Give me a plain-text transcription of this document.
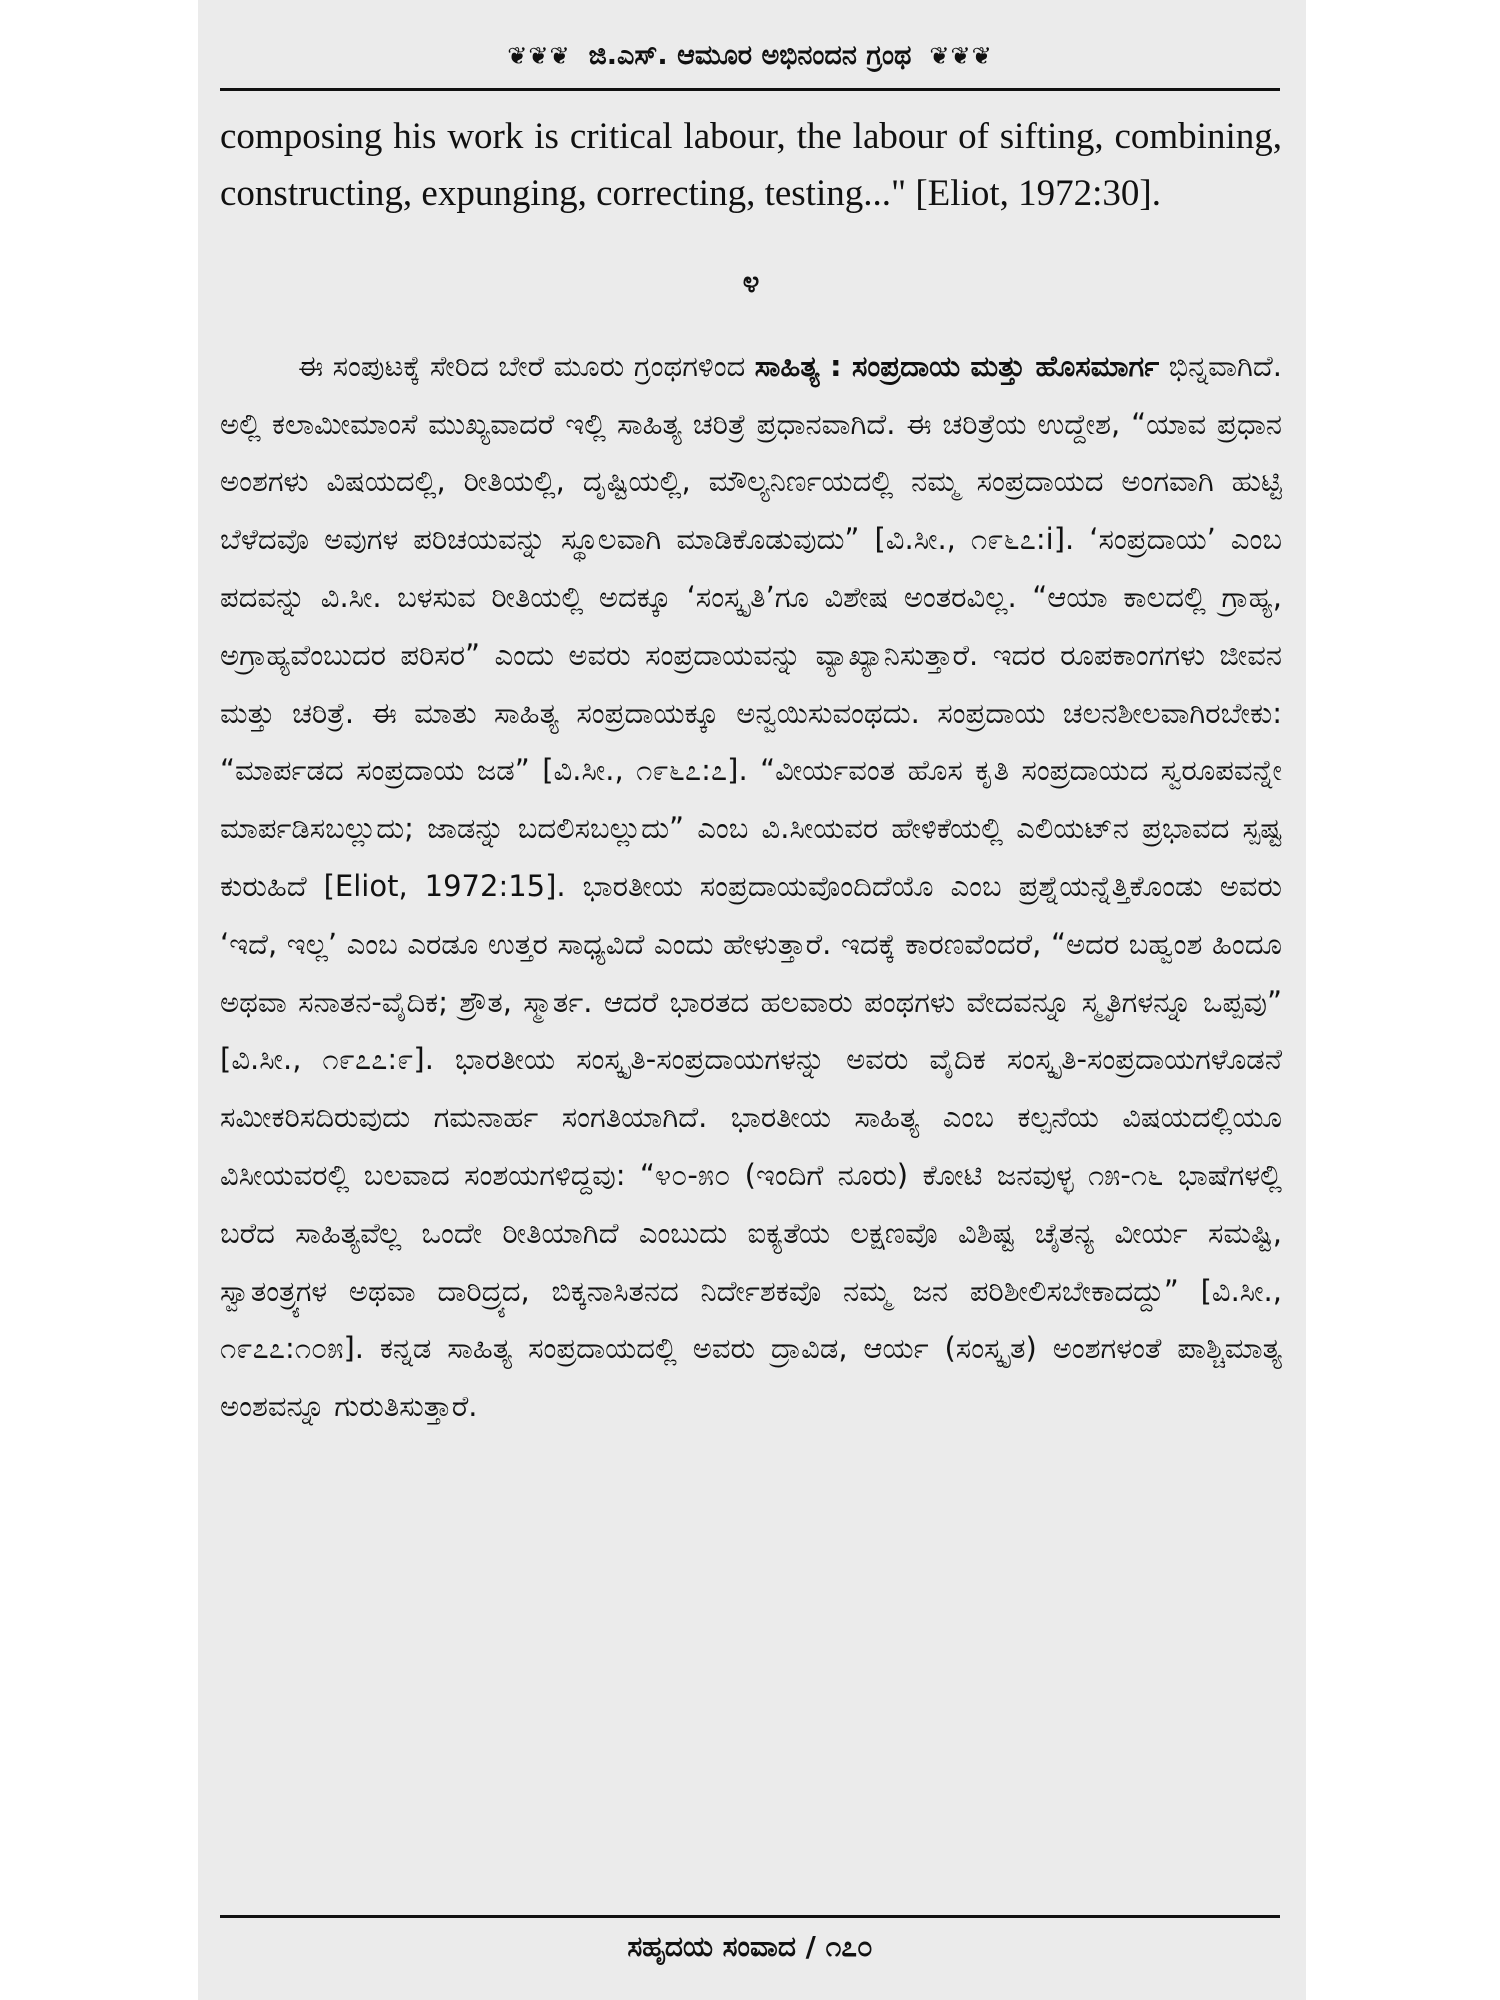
❦❦❦ ಜಿ.ಎಸ್. ಆಮೂರ ಅಭಿನಂದನ ಗ್ರಂಥ ❦❦❦

composing his work is critical labour, the labour of sifting, combining, constructing, expunging, correcting, testing..." [Eliot, 1972:30].

೪

ಈ ಸಂಪುಟಕ್ಕೆ ಸೇರಿದ ಬೇರೆ ಮೂರು ಗ್ರಂಥಗಳಿಂದ ಸಾಹಿತ್ಯ : ಸಂಪ್ರದಾಯ ಮತ್ತು ಹೊಸಮಾರ್ಗ ಭಿನ್ನವಾಗಿದೆ. ಅಲ್ಲಿ ಕಲಾಮೀಮಾಂಸೆ ಮುಖ್ಯವಾದರೆ ಇಲ್ಲಿ ಸಾಹಿತ್ಯ ಚರಿತ್ರೆ ಪ್ರಧಾನವಾಗಿದೆ. ಈ ಚರಿತ್ರೆಯ ಉದ್ದೇಶ, “ಯಾವ ಪ್ರಧಾನ ಅಂಶಗಳು ವಿಷಯದಲ್ಲಿ, ರೀತಿಯಲ್ಲಿ, ದೃಷ್ಟಿಯಲ್ಲಿ, ಮೌಲ್ಯನಿರ್ಣಯದಲ್ಲಿ ನಮ್ಮ ಸಂಪ್ರದಾಯದ ಅಂಗವಾಗಿ ಹುಟ್ಟಿ ಬೆಳೆದವೊ ಅವುಗಳ ಪರಿಚಯವನ್ನು ಸ್ಥೂಲವಾಗಿ ಮಾಡಿಕೊಡುವುದು” [ವಿ.ಸೀ., ೧೯೬೭:i]. ‘ಸಂಪ್ರದಾಯ’ ಎಂಬ ಪದವನ್ನು ವಿ.ಸೀ. ಬಳಸುವ ರೀತಿಯಲ್ಲಿ ಅದಕ್ಕೂ ‘ಸಂಸ್ಕೃತಿ’ಗೂ ವಿಶೇಷ ಅಂತರವಿಲ್ಲ. “ಆಯಾ ಕಾಲದಲ್ಲಿ ಗ್ರಾಹ್ಯ, ಅಗ್ರಾಹ್ಯವೆಂಬುದರ ಪರಿಸರ” ಎಂದು ಅವರು ಸಂಪ್ರದಾಯವನ್ನು ವ್ಯಾಖ್ಯಾನಿಸುತ್ತಾರೆ. ಇದರ ರೂಪಕಾಂಗಗಳು ಜೀವನ ಮತ್ತು ಚರಿತ್ರೆ. ಈ ಮಾತು ಸಾಹಿತ್ಯ ಸಂಪ್ರದಾಯಕ್ಕೂ ಅನ್ವಯಿಸುವಂಥದು. ಸಂಪ್ರದಾಯ ಚಲನಶೀಲವಾಗಿರಬೇಕು: “ಮಾರ್ಪಡದ ಸಂಪ್ರದಾಯ ಜಡ” [ವಿ.ಸೀ., ೧೯೬೭:೭]. “ವೀರ್ಯವಂತ ಹೊಸ ಕೃತಿ ಸಂಪ್ರದಾಯದ ಸ್ವರೂಪವನ್ನೇ ಮಾರ್ಪಡಿಸಬಲ್ಲುದು; ಜಾಡನ್ನು ಬದಲಿಸಬಲ್ಲುದು” ಎಂಬ ವಿ.ಸೀಯವರ ಹೇಳಿಕೆಯಲ್ಲಿ ಎಲಿಯಟ್‌ನ ಪ್ರಭಾವದ ಸ್ಪಷ್ಟ ಕುರುಹಿದೆ [Eliot, 1972:15]. ಭಾರತೀಯ ಸಂಪ್ರದಾಯವೊಂದಿದೆಯೊ ಎಂಬ ಪ್ರಶ್ನೆಯನ್ನೆತ್ತಿಕೊಂಡು ಅವರು ‘ಇದೆ, ಇಲ್ಲ’ ಎಂಬ ಎರಡೂ ಉತ್ತರ ಸಾಧ್ಯವಿದೆ ಎಂದು ಹೇಳುತ್ತಾರೆ. ಇದಕ್ಕೆ ಕಾರಣವೆಂದರೆ, “ಅದರ ಬಹ್ವಂಶ ಹಿಂದೂ ಅಥವಾ ಸನಾತನ-ವೈದಿಕ; ಶ್ರೌತ, ಸ್ಮಾರ್ತ. ಆದರೆ ಭಾರತದ ಹಲವಾರು ಪಂಥಗಳು ವೇದವನ್ನೂ ಸ್ಮೃತಿಗಳನ್ನೂ ಒಪ್ಪವು” [ವಿ.ಸೀ., ೧೯೭೭:೯]. ಭಾರತೀಯ ಸಂಸ್ಕೃತಿ-ಸಂಪ್ರದಾಯಗಳನ್ನು ಅವರು ವೈದಿಕ ಸಂಸ್ಕೃತಿ-ಸಂಪ್ರದಾಯಗಳೊಡನೆ ಸಮೀಕರಿಸದಿರುವುದು ಗಮನಾರ್ಹ ಸಂಗತಿಯಾಗಿದೆ. ಭಾರತೀಯ ಸಾಹಿತ್ಯ ಎಂಬ ಕಲ್ಪನೆಯ ವಿಷಯದಲ್ಲಿಯೂ ವಿಸೀಯವರಲ್ಲಿ ಬಲವಾದ ಸಂಶಯಗಳಿದ್ದವು: “೪೦-೫೦ (ಇಂದಿಗೆ ನೂರು) ಕೋಟಿ ಜನವುಳ್ಳ ೧೫-೧೬ ಭಾಷೆಗಳಲ್ಲಿ ಬರೆದ ಸಾಹಿತ್ಯವೆಲ್ಲ ಒಂದೇ ರೀತಿಯಾಗಿದೆ ಎಂಬುದು ಐಕ್ಯತೆಯ ಲಕ್ಷಣವೊ ವಿಶಿಷ್ಟ ಚೈತನ್ಯ ವೀರ್ಯ ಸಮಷ್ಟಿ, ಸ್ವಾತಂತ್ರ್ಯಗಳ ಅಥವಾ ದಾರಿದ್ರ್ಯದ, ಬಿಕ್ಕನಾಸಿತನದ ನಿರ್ದೇಶಕವೊ ನಮ್ಮ ಜನ ಪರಿಶೀಲಿಸಬೇಕಾದದ್ದು” [ವಿ.ಸೀ., ೧೯೭೭:೧೦೫]. ಕನ್ನಡ ಸಾಹಿತ್ಯ ಸಂಪ್ರದಾಯದಲ್ಲಿ ಅವರು ದ್ರಾವಿಡ, ಆರ್ಯ (ಸಂಸ್ಕೃತ) ಅಂಶಗಳಂತೆ ಪಾಶ್ಚಿಮಾತ್ಯ ಅಂಶವನ್ನೂ ಗುರುತಿಸುತ್ತಾರೆ.

ಸಹೃದಯ ಸಂವಾದ / ೧೭೦
